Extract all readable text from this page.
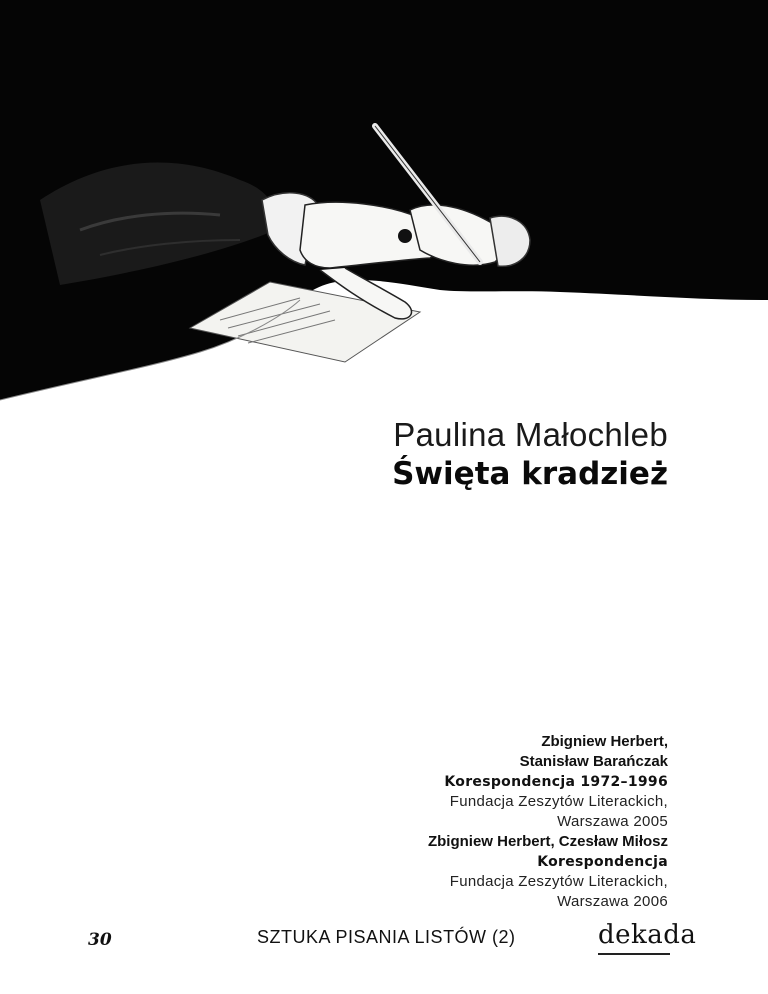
Paulina Małochleb
Święta kradzież
Zbigniew Herbert,
Stanisław Barańczak
Korespondencja 1972–1996
Fundacja Zeszytów Literackich,
Warszawa 2005
Zbigniew Herbert, Czesław Miłosz
Korespondencja
Fundacja Zeszytów Literackich,
Warszawa 2006
30	SZTUKA PISANIA LISTÓW (2)	dekada
